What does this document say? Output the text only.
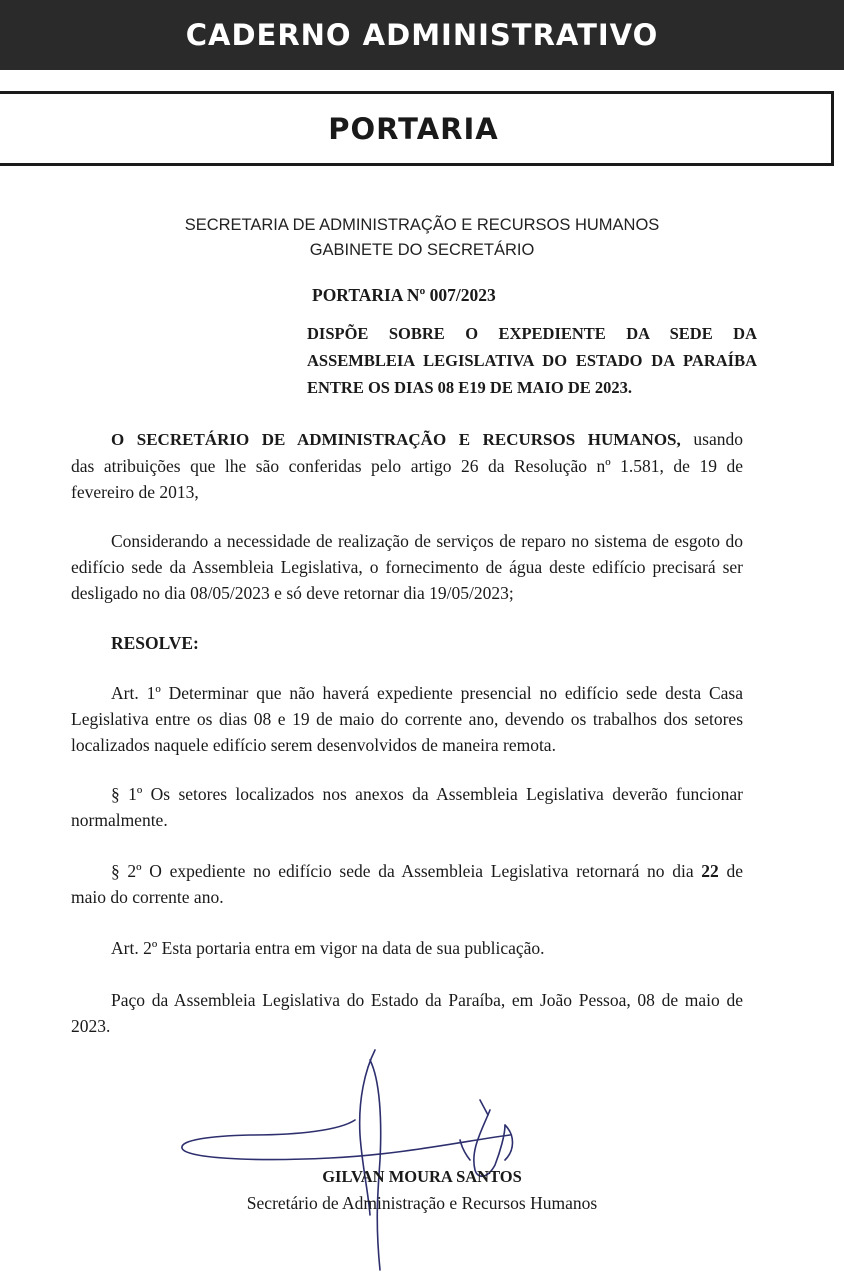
CADERNO ADMINISTRATIVO
PORTARIA
SECRETARIA DE ADMINISTRAÇÃO E RECURSOS HUMANOS
GABINETE DO SECRETÁRIO
PORTARIA Nº 007/2023
DISPÕE SOBRE O EXPEDIENTE DA SEDE DA
ASSEMBLEIA LEGISLATIVA DO ESTADO DA PARAÍBA
ENTRE OS DIAS 08 E19 DE MAIO DE 2023.
O SECRETÁRIO DE ADMINISTRAÇÃO E RECURSOS HUMANOS, usando
das atribuições que lhe são conferidas pelo artigo 26 da Resolução nº 1.581, de 19 de
fevereiro de 2013,
Considerando a necessidade de realização de serviços de reparo no sistema de esgoto do
edifício sede da Assembleia Legislativa, o fornecimento de água deste edifício precisará ser
desligado no dia 08/05/2023 e só deve retornar dia 19/05/2023;
RESOLVE:
Art. 1º Determinar que não haverá expediente presencial no edifício sede desta Casa
Legislativa entre os dias 08 e 19 de maio do corrente ano, devendo os trabalhos dos setores
localizados naquele edifício serem desenvolvidos de maneira remota.
§ 1º Os setores localizados nos anexos da Assembleia Legislativa deverão funcionar
normalmente.
§ 2º O expediente no edifício sede da Assembleia Legislativa retornará no dia 22 de
maio do corrente ano.
Art. 2º Esta portaria entra em vigor na data de sua publicação.
Paço da Assembleia Legislativa do Estado da Paraíba, em João Pessoa, 08 de maio de
2023.
GILVAN MOURA SANTOS
Secretário de Administração e Recursos Humanos
